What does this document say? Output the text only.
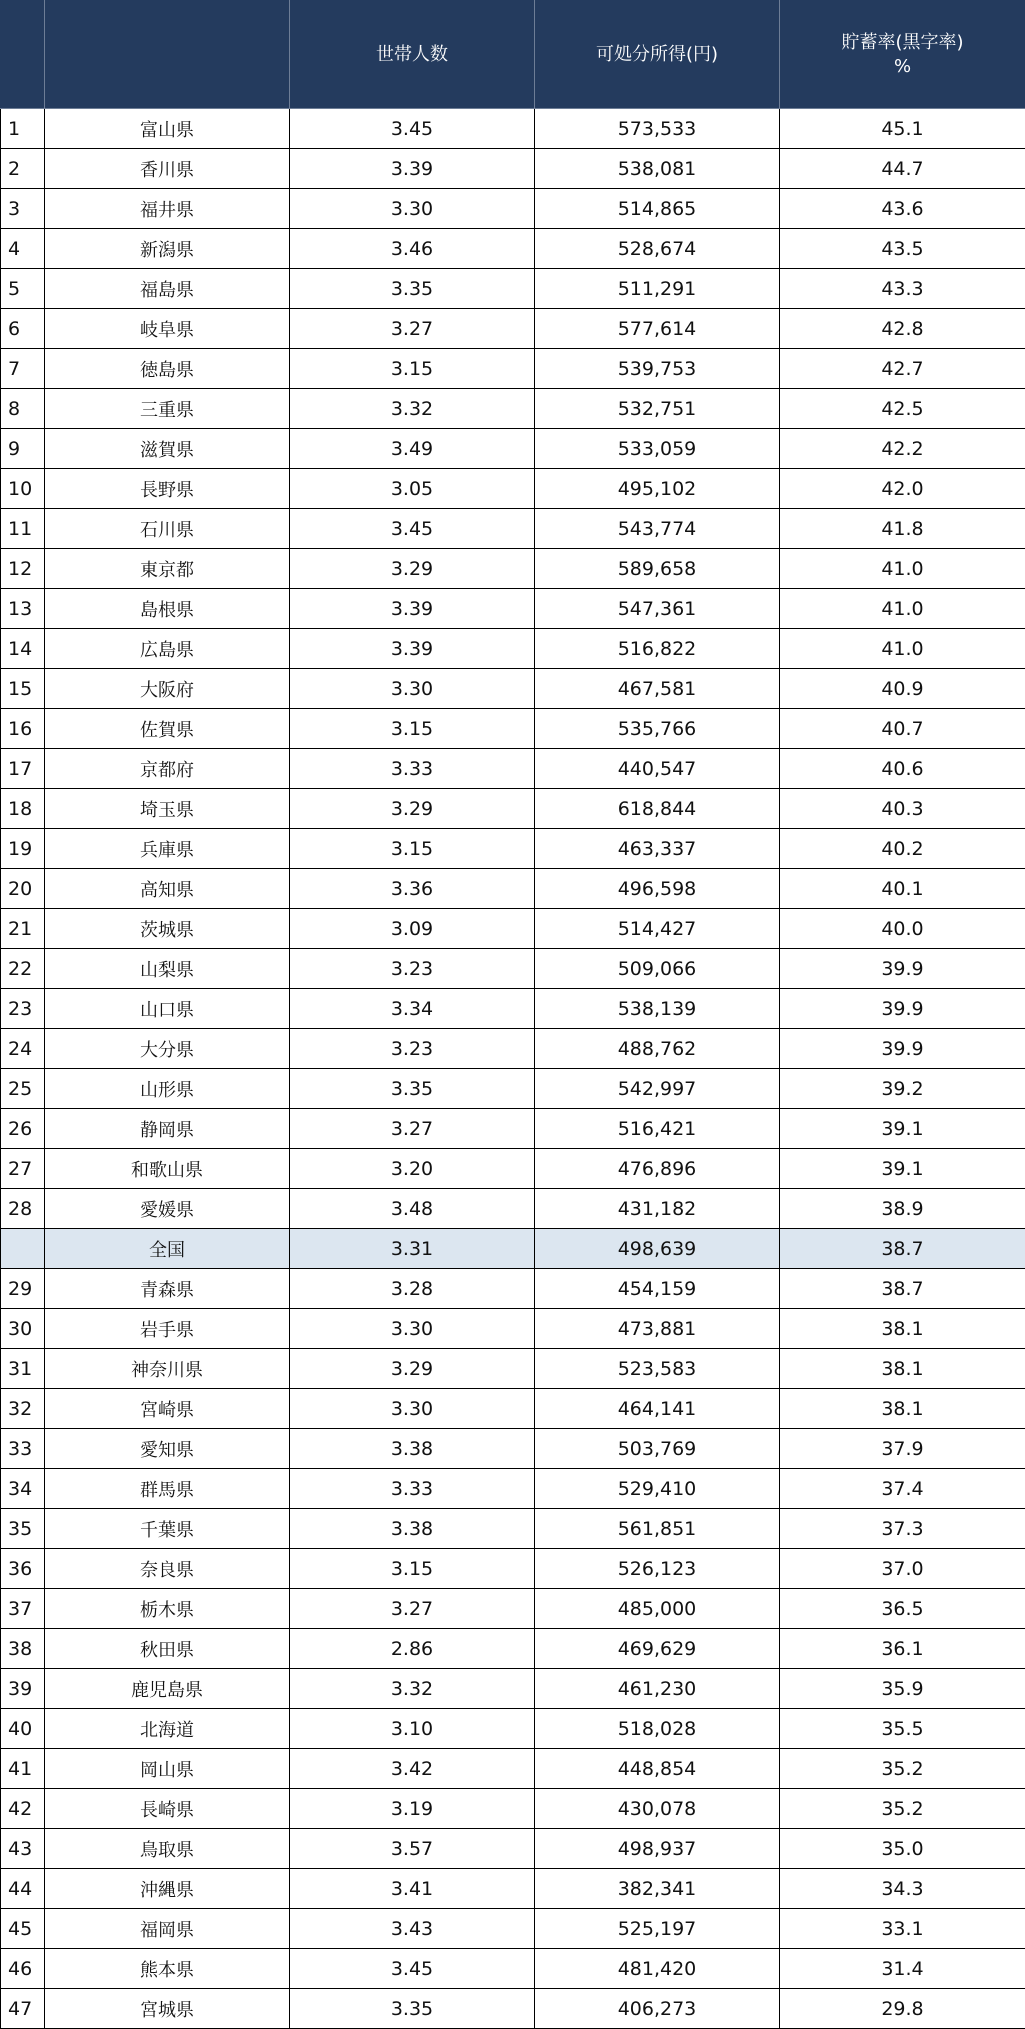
		世帯人数	可処分所得(円)	貯蓄率(黒字率)
%

1	富山県	3.45	573,533	45.1
2	香川県	3.39	538,081	44.7
3	福井県	3.30	514,865	43.6
4	新潟県	3.46	528,674	43.5
5	福島県	3.35	511,291	43.3
6	岐阜県	3.27	577,614	42.8
7	徳島県	3.15	539,753	42.7
8	三重県	3.32	532,751	42.5
9	滋賀県	3.49	533,059	42.2
10	長野県	3.05	495,102	42.0
11	石川県	3.45	543,774	41.8
12	東京都	3.29	589,658	41.0
13	島根県	3.39	547,361	41.0
14	広島県	3.39	516,822	41.0
15	大阪府	3.30	467,581	40.9
16	佐賀県	3.15	535,766	40.7
17	京都府	3.33	440,547	40.6
18	埼玉県	3.29	618,844	40.3
19	兵庫県	3.15	463,337	40.2
20	高知県	3.36	496,598	40.1
21	茨城県	3.09	514,427	40.0
22	山梨県	3.23	509,066	39.9
23	山口県	3.34	538,139	39.9
24	大分県	3.23	488,762	39.9
25	山形県	3.35	542,997	39.2
26	静岡県	3.27	516,421	39.1
27	和歌山県	3.20	476,896	39.1
28	愛媛県	3.48	431,182	38.9
	全国	3.31	498,639	38.7
29	青森県	3.28	454,159	38.7
30	岩手県	3.30	473,881	38.1
31	神奈川県	3.29	523,583	38.1
32	宮崎県	3.30	464,141	38.1
33	愛知県	3.38	503,769	37.9
34	群馬県	3.33	529,410	37.4
35	千葉県	3.38	561,851	37.3
36	奈良県	3.15	526,123	37.0
37	栃木県	3.27	485,000	36.5
38	秋田県	2.86	469,629	36.1
39	鹿児島県	3.32	461,230	35.9
40	北海道	3.10	518,028	35.5
41	岡山県	3.42	448,854	35.2
42	長崎県	3.19	430,078	35.2
43	鳥取県	3.57	498,937	35.0
44	沖縄県	3.41	382,341	34.3
45	福岡県	3.43	525,197	33.1
46	熊本県	3.45	481,420	31.4
47	宮城県	3.35	406,273	29.8
